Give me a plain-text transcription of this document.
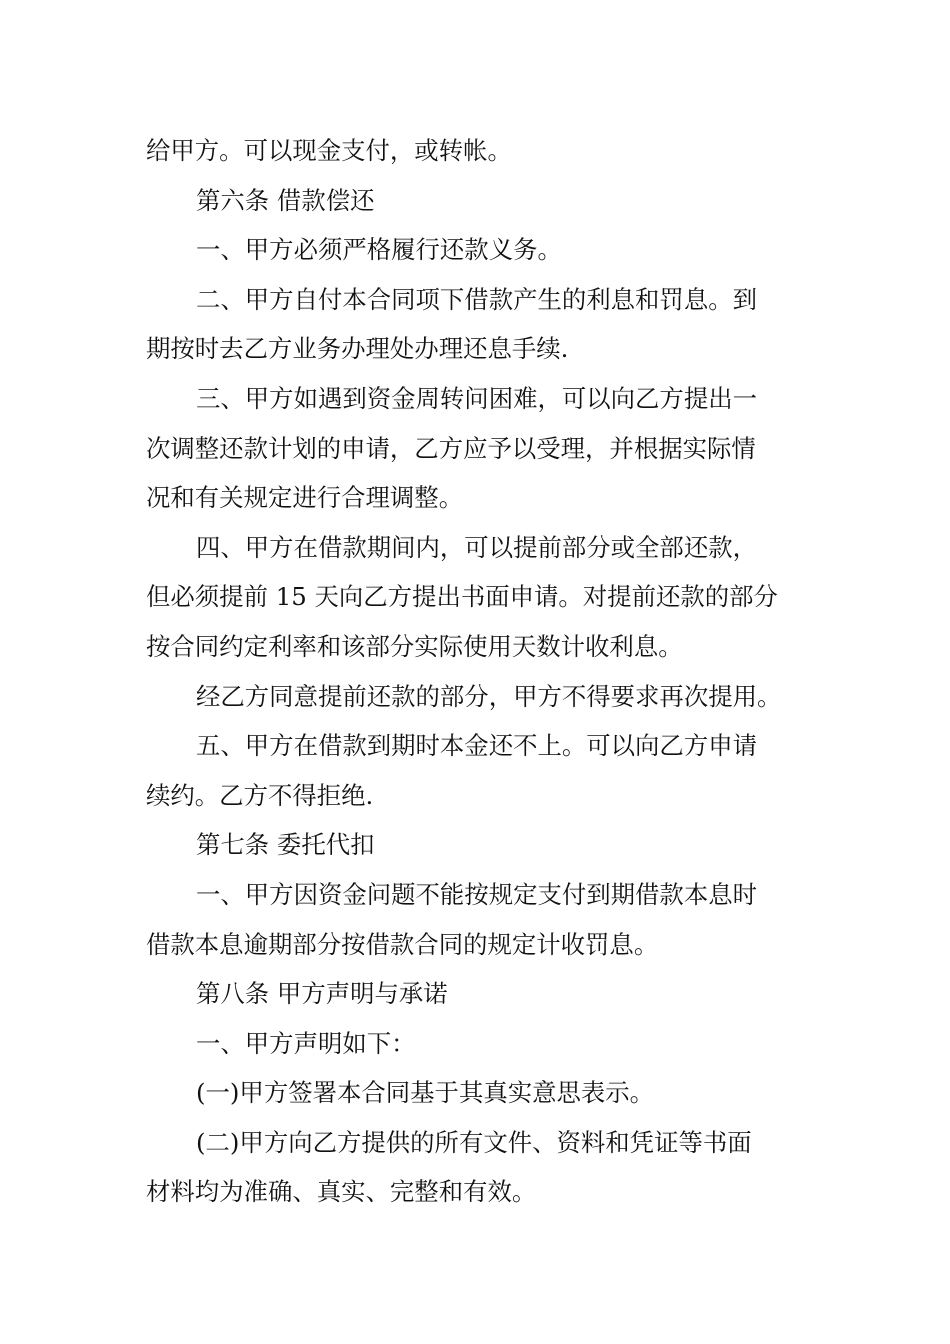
给甲方。可以现金支付，或转帐。
第六条 借款偿还
一、甲方必须严格履行还款义务。
二、甲方自付本合同项下借款产生的利息和罚息。到
期按时去乙方业务办理处办理还息手续.
三、甲方如遇到资金周转问困难，可以向乙方提出一
次调整还款计划的申请，乙方应予以受理，并根据实际情
况和有关规定进行合理调整。
四、甲方在借款期间内，可以提前部分或全部还款，
但必须提前 15 天向乙方提出书面申请。对提前还款的部分
按合同约定利率和该部分实际使用天数计收利息。
经乙方同意提前还款的部分，甲方不得要求再次提用。
五、甲方在借款到期时本金还不上。可以向乙方申请
续约。乙方不得拒绝.
第七条 委托代扣
一、甲方因资金问题不能按规定支付到期借款本息时
借款本息逾期部分按借款合同的规定计收罚息。
第八条 甲方声明与承诺
一、甲方声明如下：
(一)甲方签署本合同基于其真实意思表示。
(二)甲方向乙方提供的所有文件、资料和凭证等书面
材料均为准确、真实、完整和有效。
